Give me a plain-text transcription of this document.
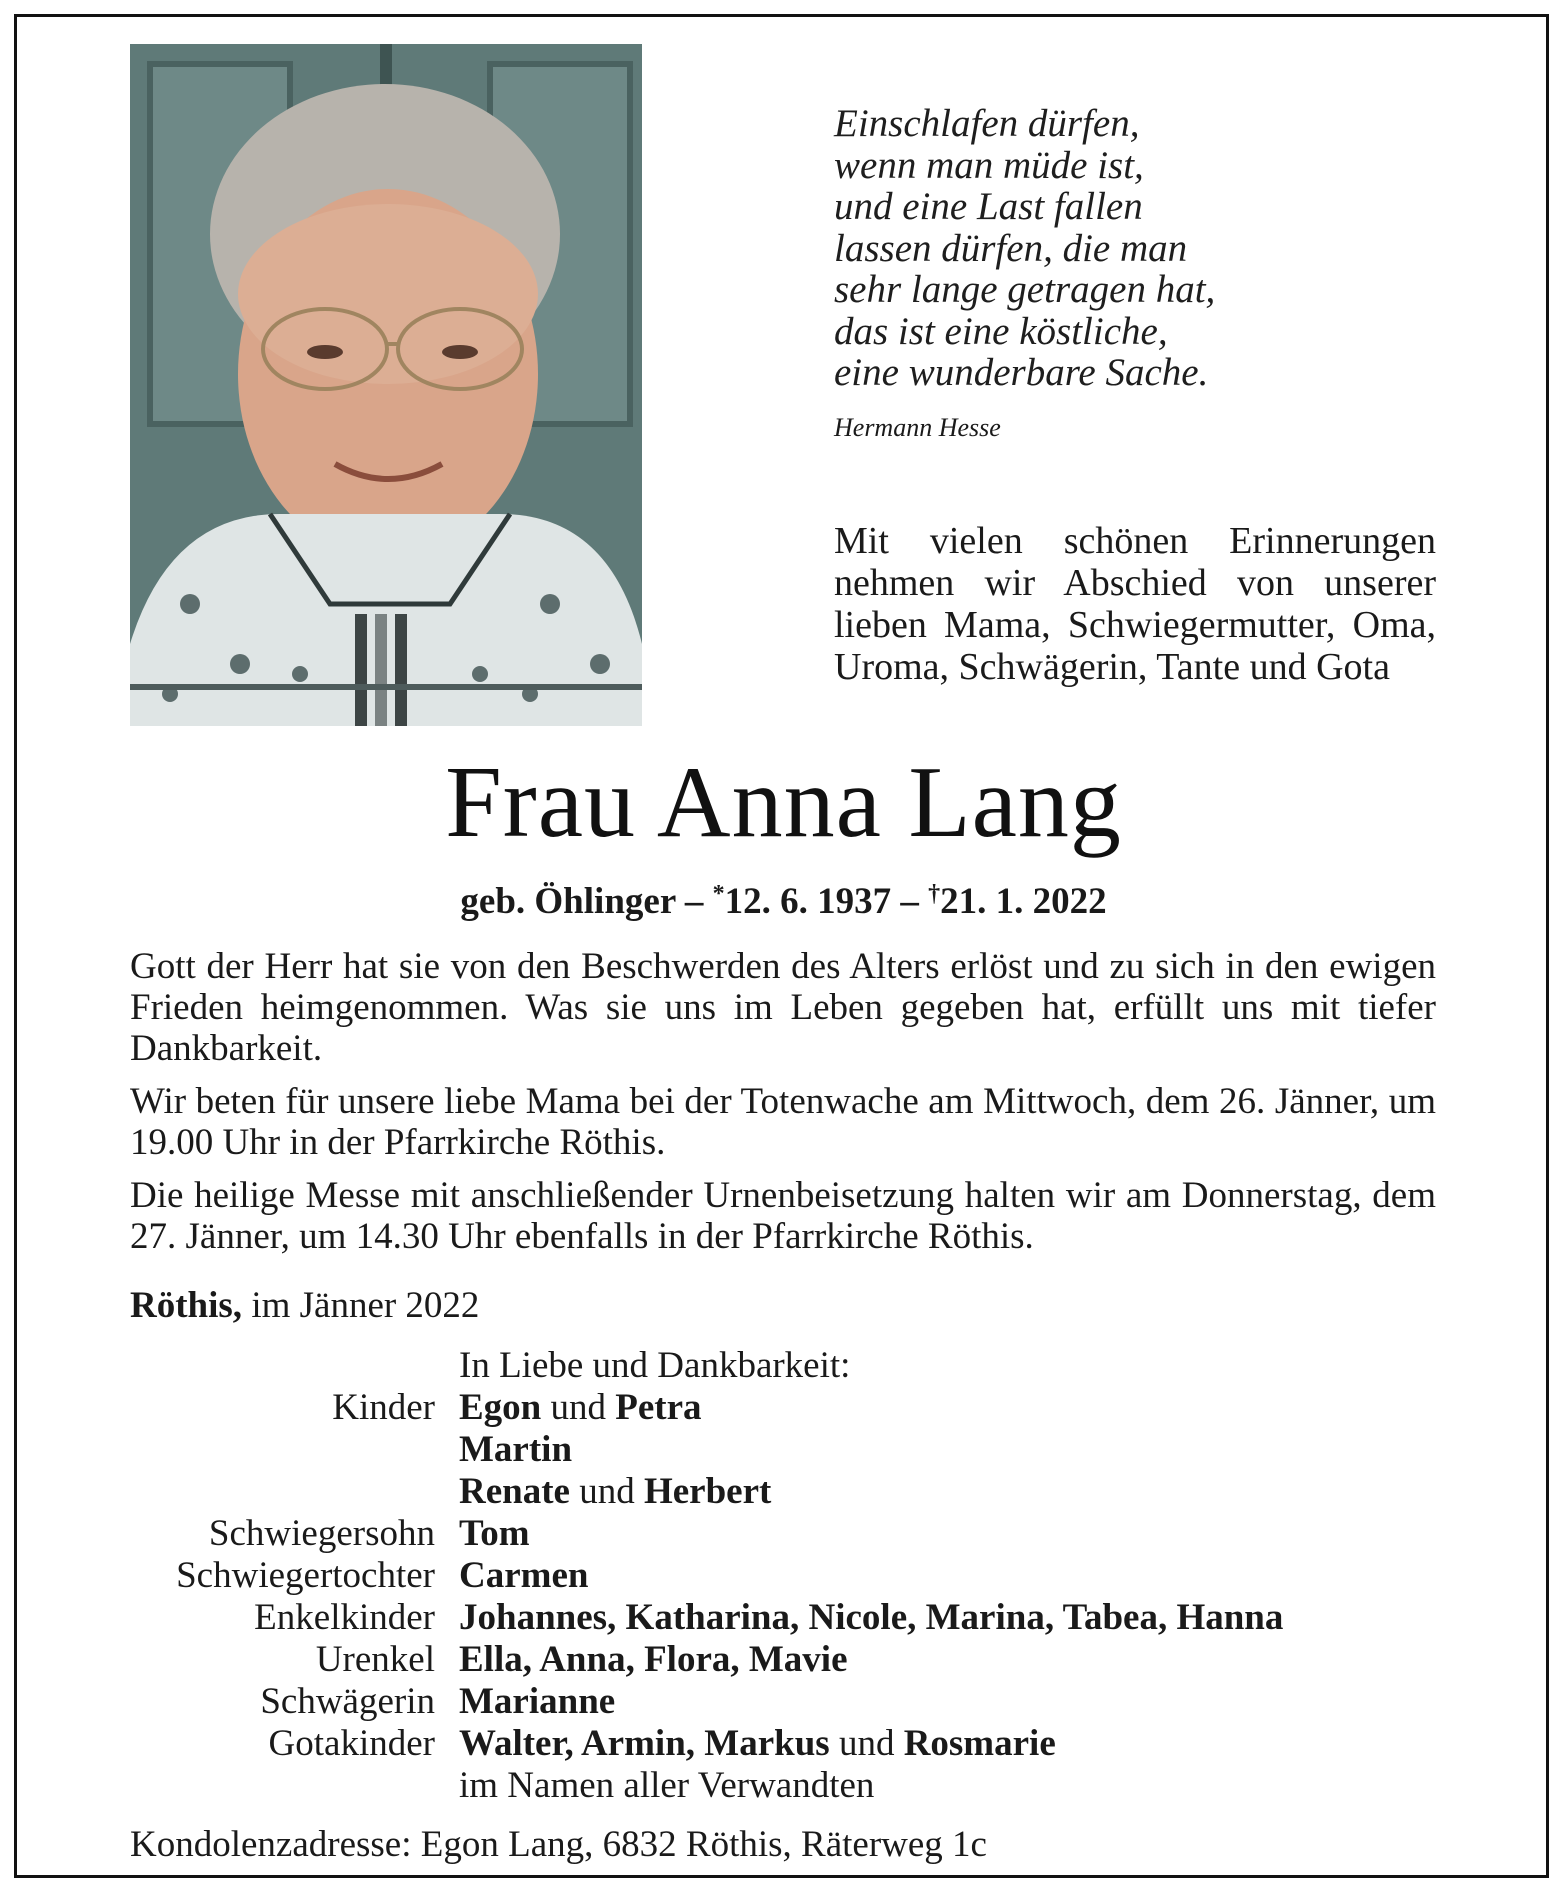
Einschlafen dürfen,
wenn man müde ist,
und eine Last fallen
lassen dürfen, die man
sehr lange getragen hat,
das ist eine köstliche,
eine wunderbare Sache.
Hermann Hesse
Mit vielen schönen Erinnerungen nehmen wir Abschied von unserer lieben Mama, Schwiegermutter, Oma, Uroma, Schwägerin, Tante und Gota
Frau Anna Lang
geb. Öhlinger – *12. 6. 1937 – †21. 1. 2022

Gott der Herr hat sie von den Beschwerden des Alters erlöst und zu sich in den ewigen Frieden heimgenommen. Was sie uns im Leben gegeben hat, erfüllt uns mit tiefer Dankbarkeit.

Wir beten für unsere liebe Mama bei der Totenwache am Mittwoch, dem 26. Jänner, um 19.00 Uhr in der Pfarrkirche Röthis.

Die heilige Messe mit anschließender Urnenbeisetzung halten wir am Donnerstag, dem 27. Jänner, um 14.30 Uhr ebenfalls in der Pfarrkirche Röthis.

Röthis, im Jänner 2022
In Liebe und Dankbarkeit:
Kinder Egon und Petra
Martin
Renate und Herbert
Schwiegersohn Tom
Schwiegertochter Carmen
Enkelkinder Johannes, Katharina, Nicole, Marina, Tabea, Hanna
Urenkel Ella, Anna, Flora, Mavie
Schwägerin Marianne
Gotakinder Walter, Armin, Markus und Rosmarie
im Namen aller Verwandten
Kondolenzadresse: Egon Lang, 6832 Röthis, Räterweg 1c
